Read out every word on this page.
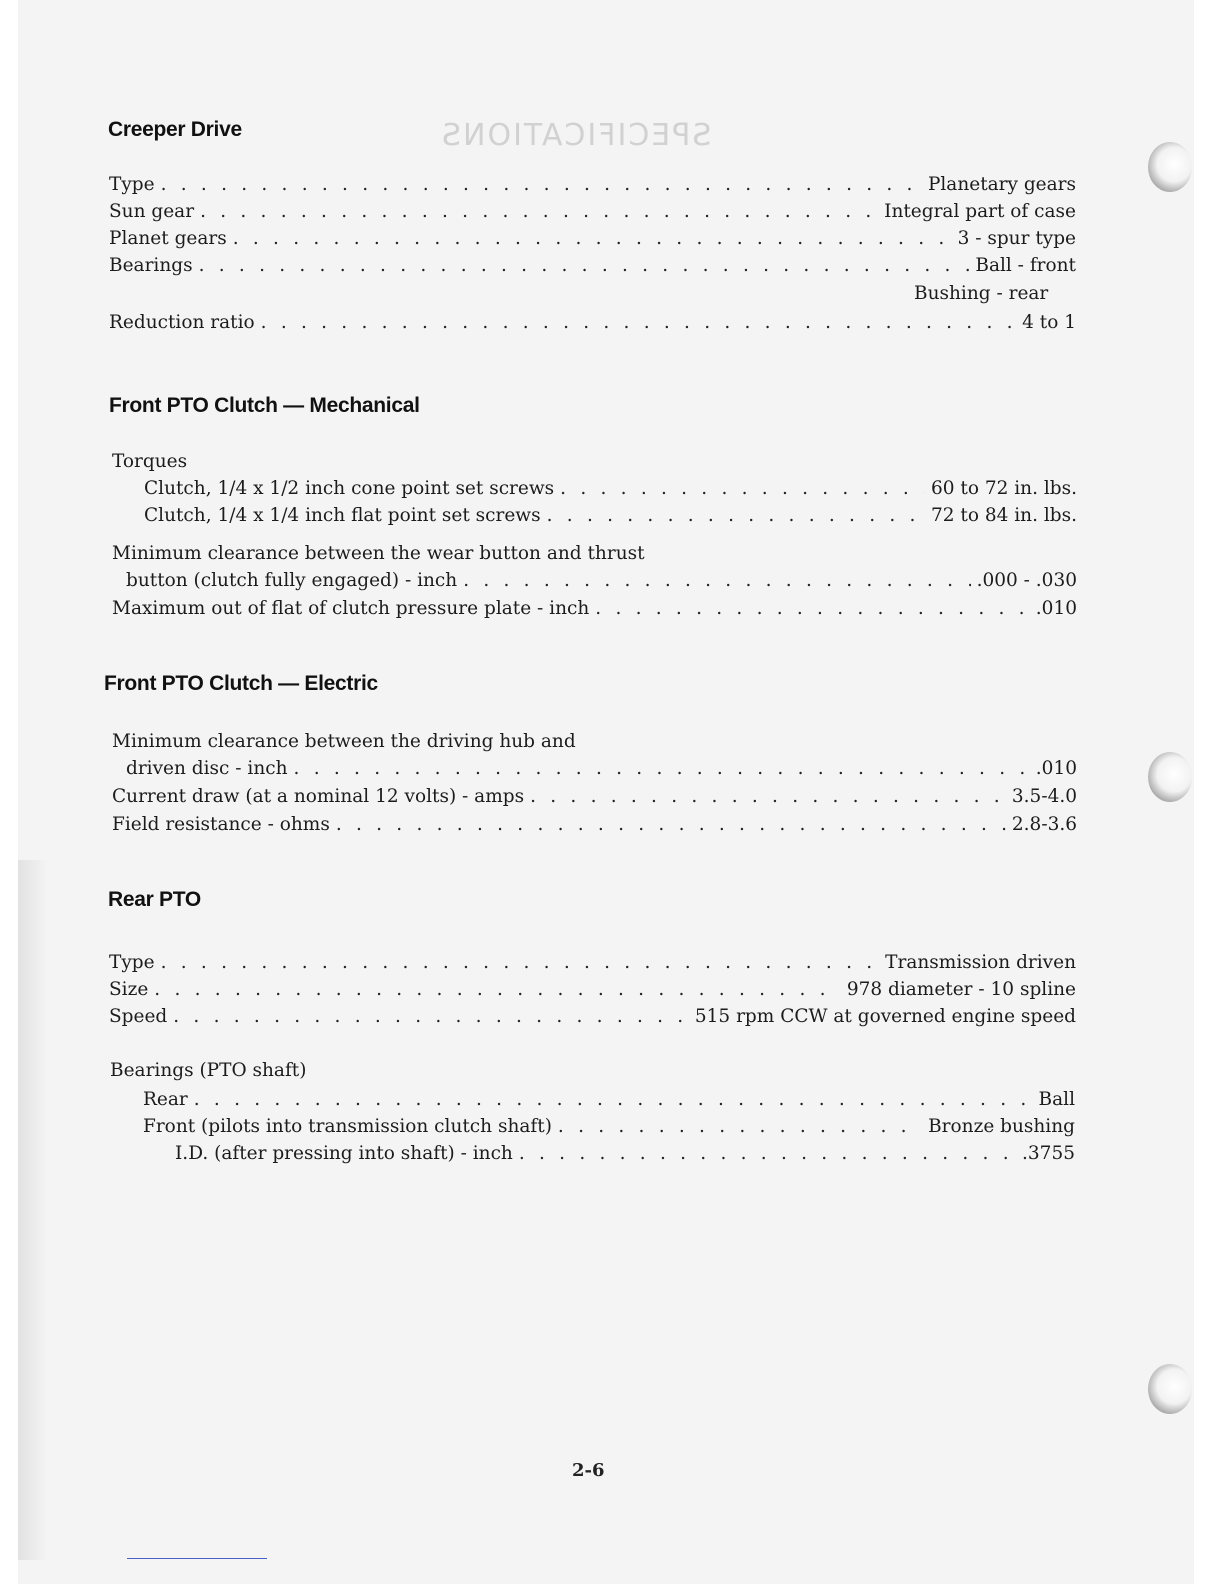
SPECIFICATIONS
Creeper Drive
Type . . .	Planetary gears
Sun gear . . .	Integral part of case
Planet gears . . .	3 - spur type
Bearings . . .	Ball - front
Bushing - rear
Reduction ratio . . .	4 to 1
Front PTO Clutch — Mechanical
Torques
Clutch, 1/4 x 1/2 inch cone point set screws . . .	60 to 72 in. lbs.
Clutch, 1/4 x 1/4 inch flat point set screws . . .	72 to 84 in. lbs.
Minimum clearance between the wear button and thrust
button (clutch fully engaged) - inch . . .	.000 - .030
Maximum out of flat of clutch pressure plate - inch . . .	.010
Front PTO Clutch — Electric
Minimum clearance between the driving hub and
driven disc - inch . . .	.010
Current draw (at a nominal 12 volts) - amps . . .	3.5-4.0
Field resistance - ohms . . .	2.8-3.6
Rear PTO
Type . . .	Transmission driven
Size . . .	978 diameter - 10 spline
Speed . . .	515 rpm CCW at governed engine speed
Bearings (PTO shaft)
Rear . . .	Ball
Front (pilots into transmission clutch shaft) . . .	Bronze bushing
I.D. (after pressing into shaft) - inch . . .	.3755
2-6
